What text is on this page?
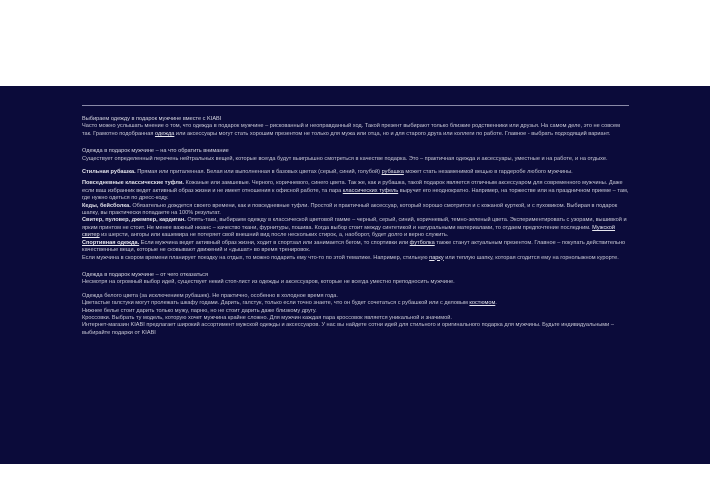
Выбираем одежду в подарок мужчине вместе с KIABI

Часто можно услышать мнение о том, что одежда в подарок мужчине – рискованный и неоправданный ход. Такой презент выбирают только близкие родственники или друзья. На самом деле, это не совсем так. Грамотно подобранная одежда или аксессуары могут стать хорошим презентом не только для мужа или отца, но и для старого друга или коллеги по работе. Главное - выбрать подходящий вариант.

Одежда в подарок мужчине – на что обратить внимание

Существует определенный перечень нейтральных вещей, которые всегда будут выигрышно смотреться в качестве подарка. Это – практичная одежда и аксессуары, уместные и на работе, и на отдыхе.

Стильная рубашка. Прямая или приталенная. Белая или выполненная в базовых цветах (серый, синий, голубой) рубашка может стать незаменимой вещью в гардеробе любого мужчины.

Повседневные классические туфли. Кожаные или замшевые. Черного, коричневого, синего цвета. Так же, как и рубашка, такой подарок является отличным аксессуаром для современного мужчины. Даже если ваш избранник ведет активный образ жизни и не имеет отношения к офисной работе, та пара классических туфель выручит его неоднократно. Например, на торжестве или на праздничном приеме – там, где нужно одеться по дресс-коду.

Кеды, бейсболка. Обязательно дождется своего времени, как и повседневные туфли. Простой и практичный аксессуар, который хорошо смотрится и с кожаной курткой, и с пуховиком. Выбирая в подарок шапку, вы практически попадаете на 100% результат.

Свитер, пуловер, джемпер, кардиган. Опять-таки, выбираем одежду в классической цветовой гамме – черный, серый, синий, коричневый, темно-зеленый цвета. Экспериментировать с узорами, вышивкой и ярким принтом не стоит. Не менее важный нюанс – качество ткани, фурнитуры, пошива. Когда выбор стоит между синтетикой и натуральными материалами, то отдаем предпочтение последним. Мужской свитер из шерсти, ангоры или кашемира не потеряет свой внешний вид после нескольких стирок, а, наоборот, будет долго и верно служить.

Спортивная одежда. Если мужчина ведет активный образ жизни, ходит в спортзал или занимается бегом, то спортивки или футболка также станут актуальным презентом. Главное – покупать действительно качественные вещи, которые не сковывают движений и «дышат» во время тренировок.

Если мужчина в скором времени планирует поездку на отдых, то можно подарить ему что-то по этой тематике. Например, стильную парку или теплую шапку, которая сгодится ему на горнолыжном курорте.

Одежда в подарок мужчине – от чего отказаться

Несмотря на огромный выбор идей, существует некий стоп-лист из одежды и аксессуаров, которые не всегда уместно преподносить мужчине.

Одежда белого цвета (за исключением рубашек). Не практично, особенно в холодное время года.

Цветастые галстуки могут пролежать шкафу годами. Дарить, галстук, только если точно знаете, что он будет сочетаться с рубашкой или с деловым костюмом.

Нижнее белье стоит дарить только мужу, парню, но не стоит дарить даже близкому другу.

Кроссовки. Выбрать ту модель, которую хочет мужчина крайне сложно. Для мужчин каждая пара кроссовок является уникальной и значимой.

Интернет-магазин KIABI предлагает широкий ассортимент мужской одежды и аксессуаров. У нас вы найдете сотни идей для стильного и оригинального подарка для мужчины. Будьте индивидуальными – выбирайте подарки от KIABI
